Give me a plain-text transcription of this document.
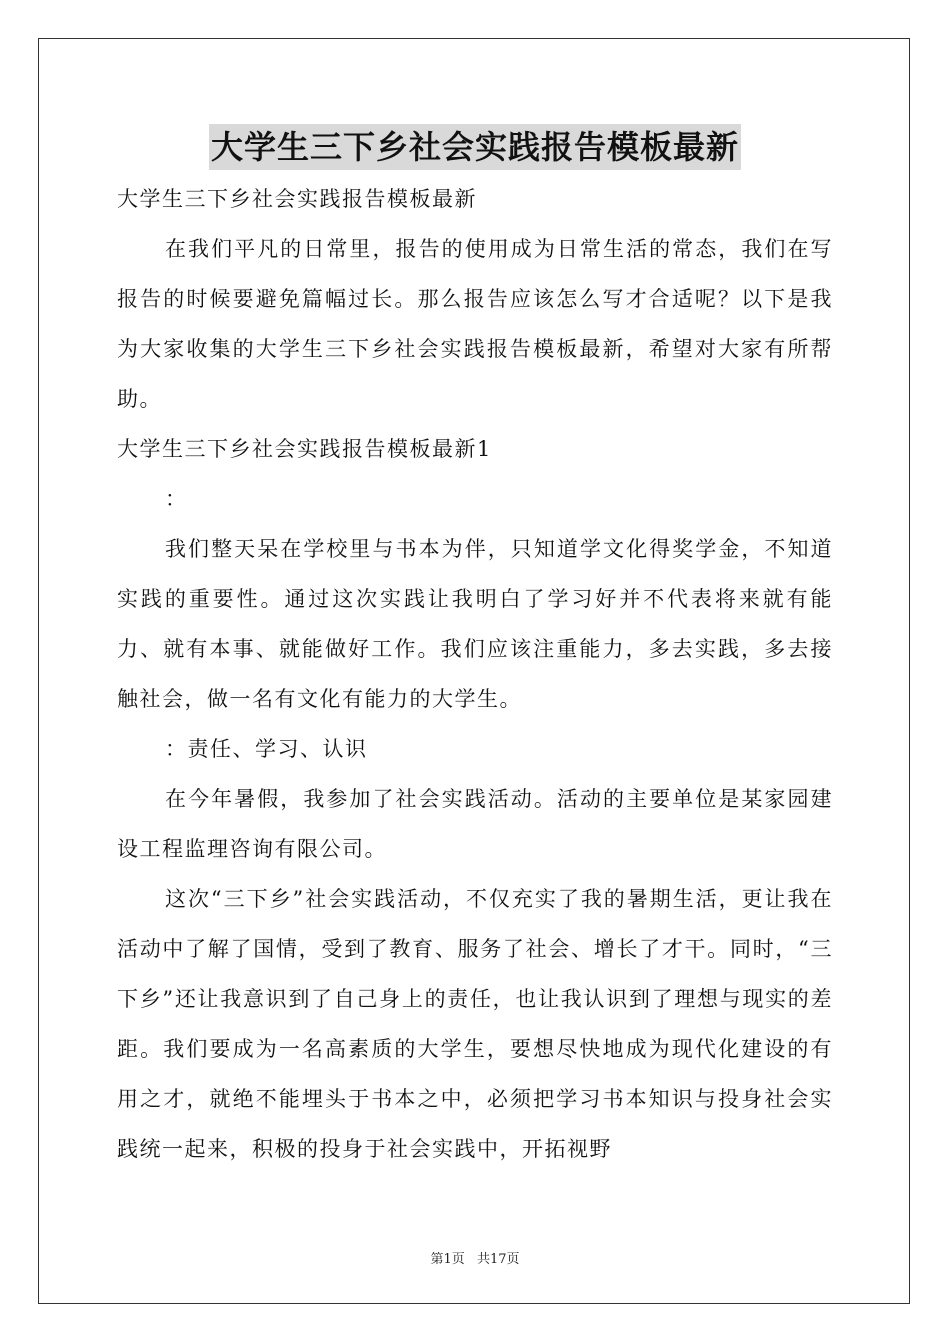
大学生三下乡社会实践报告模板最新

大学生三下乡社会实践报告模板最新

在我们平凡的日常里，报告的使用成为日常生活的常态，我们在写报告的时候要避免篇幅过长。那么报告应该怎么写才合适呢？以下是我为大家收集的大学生三下乡社会实践报告模板最新，希望对大家有所帮助。

大学生三下乡社会实践报告模板最新1

：

我们整天呆在学校里与书本为伴，只知道学文化得奖学金，不知道实践的重要性。通过这次实践让我明白了学习好并不代表将来就有能力、就有本事、就能做好工作。我们应该注重能力，多去实践，多去接触社会，做一名有文化有能力的大学生。

：责任、学习、认识

在今年暑假，我参加了社会实践活动。活动的主要单位是某家园建设工程监理咨询有限公司。

这次“三下乡”社会实践活动，不仅充实了我的暑期生活，更让我在活动中了解了国情，受到了教育、服务了社会、增长了才干。同时，“三下乡”还让我意识到了自己身上的责任，也让我认识到了理想与现实的差距。我们要成为一名高素质的大学生，要想尽快地成为现代化建设的有用之才，就绝不能埋头于书本之中，必须把学习书本知识与投身社会实践统一起来，积极的投身于社会实践中，开拓视野

第1页 共17页
